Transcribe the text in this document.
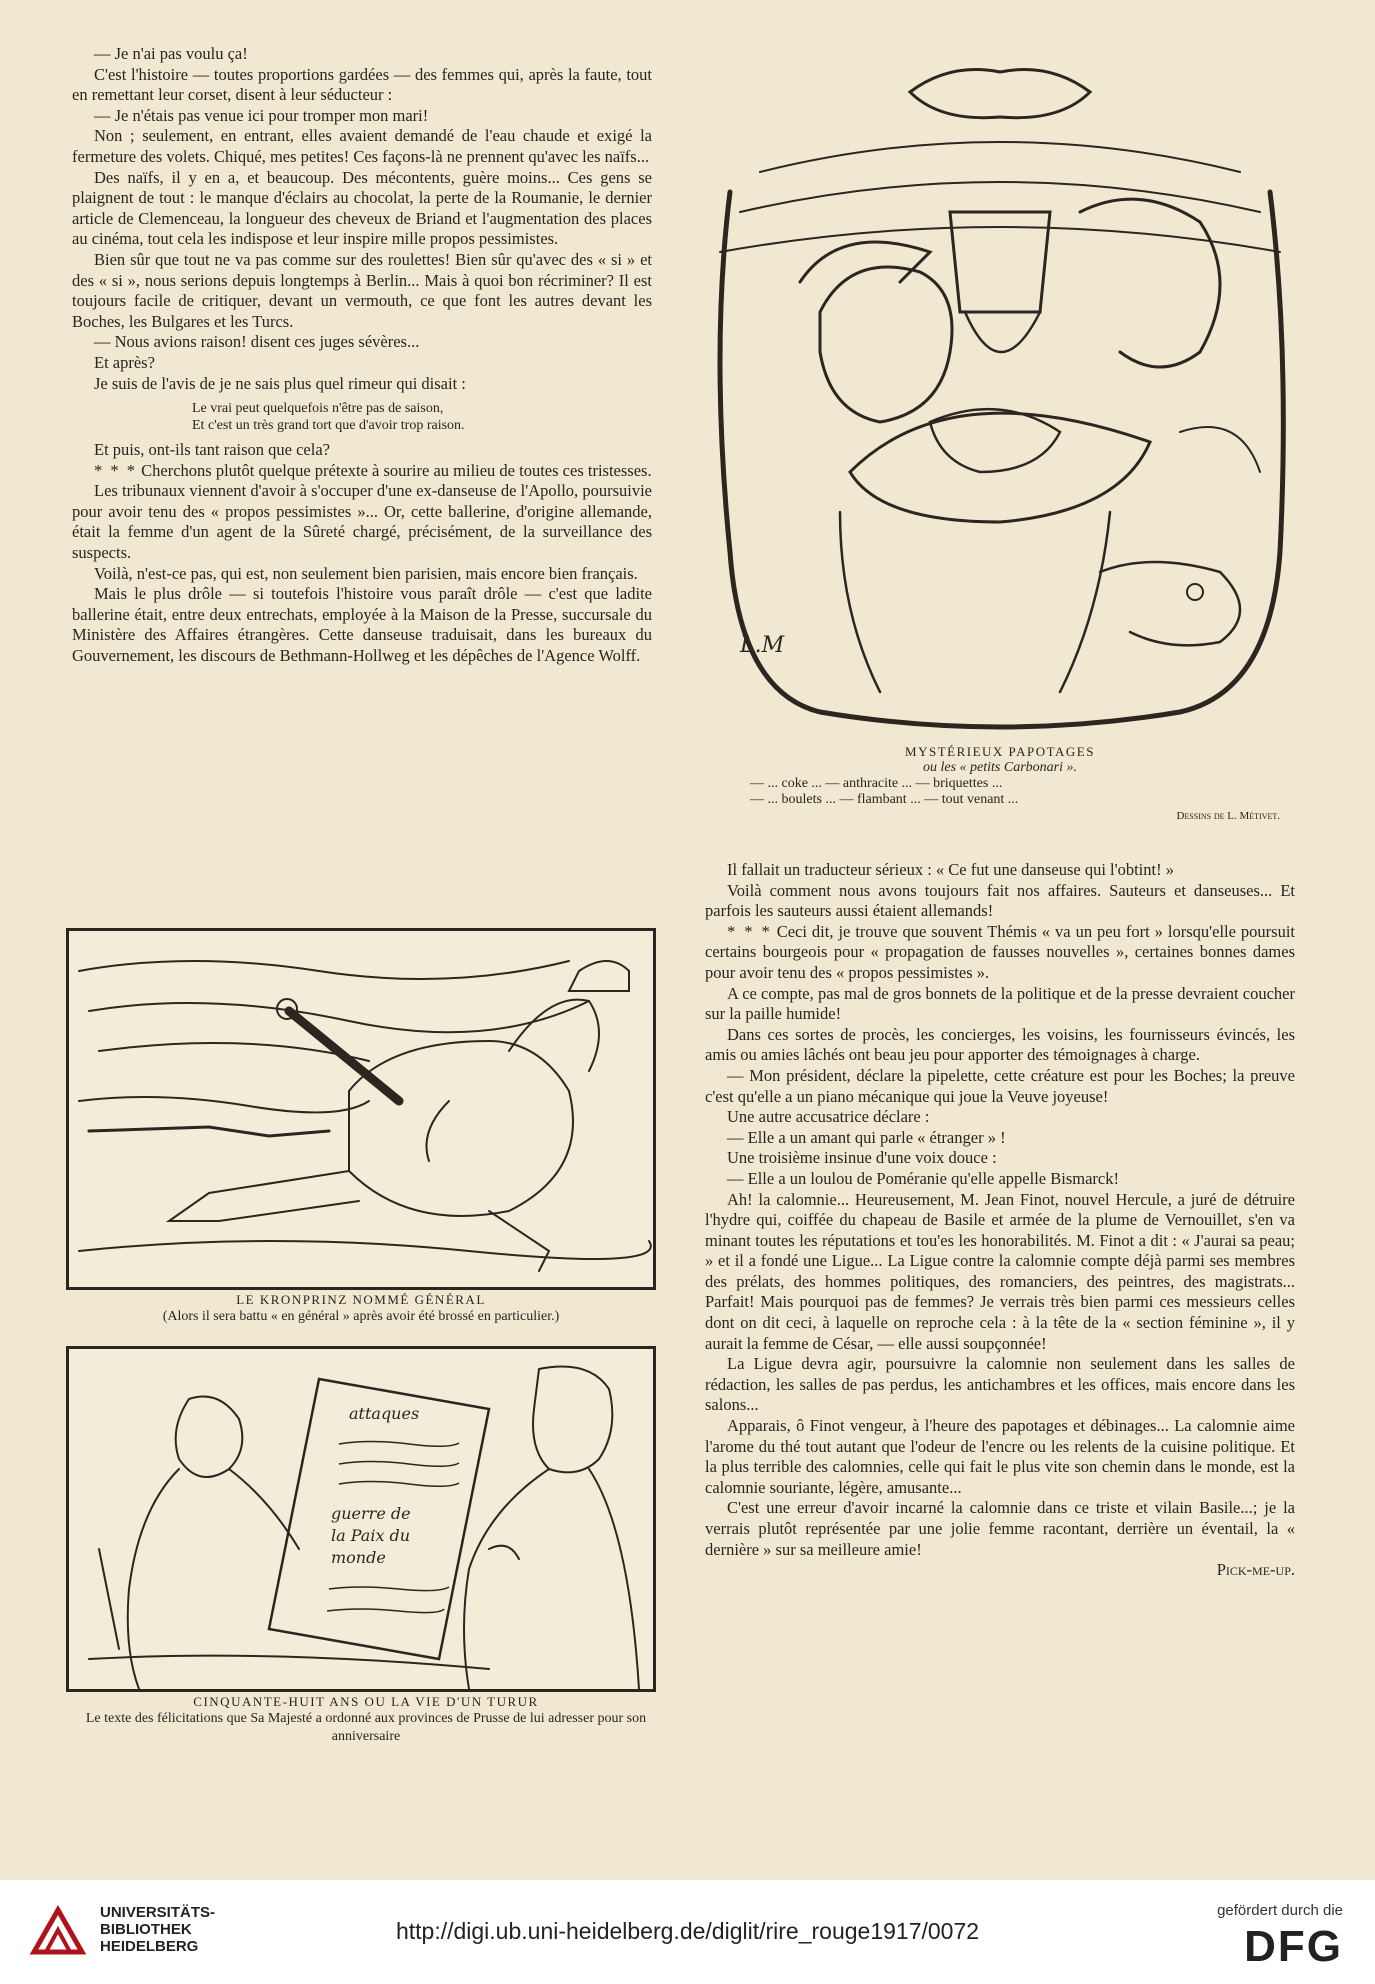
— Je n'ai pas voulu ça!

C'est l'histoire — toutes proportions gardées — des femmes qui, après la faute, tout en remettant leur corset, disent à leur séducteur :

— Je n'étais pas venue ici pour tromper mon mari!

Non ; seulement, en entrant, elles avaient demandé de l'eau chaude et exigé la fermeture des volets. Chiqué, mes petites! Ces façons-là ne prennent qu'avec les naïfs...

Des naïfs, il y en a, et beaucoup. Des mécontents, guère moins... Ces gens se plaignent de tout : le manque d'éclairs au chocolat, la perte de la Roumanie, le dernier article de Clemenceau, la longueur des cheveux de Briand et l'augmentation des places au cinéma, tout cela les indispose et leur inspire mille propos pessimistes.

Bien sûr que tout ne va pas comme sur des roulettes! Bien sûr qu'avec des « si » et des « si », nous serions depuis longtemps à Berlin... Mais à quoi bon récriminer? Il est toujours facile de critiquer, devant un vermouth, ce que font les autres devant les Boches, les Bulgares et les Turcs.

— Nous avions raison! disent ces juges sévères...

Et après?

Je suis de l'avis de je ne sais plus quel rimeur qui disait :

Le vrai peut quelquefois n'être pas de saison,
Et c'est un très grand tort que d'avoir trop raison.

Et puis, ont-ils tant raison que cela?

* * * Cherchons plutôt quelque prétexte à sourire au milieu de toutes ces tristesses.

Les tribunaux viennent d'avoir à s'occuper d'une ex-danseuse de l'Apollo, poursuivie pour avoir tenu des « propos pessimistes »... Or, cette ballerine, d'origine allemande, était la femme d'un agent de la Sûreté chargé, précisément, de la surveillance des suspects.

Voilà, n'est-ce pas, qui est, non seulement bien parisien, mais encore bien français.

Mais le plus drôle — si toutefois l'histoire vous paraît drôle — c'est que ladite ballerine était, entre deux entrechats, employée à la Maison de la Presse, succursale du Ministère des Affaires étrangères. Cette danseuse traduisait, dans les bureaux du Gouvernement, les discours de Bethmann-Hollweg et les dépêches de l'Agence Wolff.

LE KRONPRINZ NOMMÉ GÉNÉRAL
(Alors il sera battu « en général » après avoir été brossé en particulier.)
attaques
guerre de
la Paix du
monde
CINQUANTE-HUIT ANS OU LA VIE D'UN TURUR
Le texte des félicitations que Sa Majesté a ordonné aux provinces de Prusse de lui adresser pour son anniversaire
L.M
MYSTÉRIEUX PAPOTAGES
ou les « petits Carbonari ».
— ... coke ... — anthracite ... — briquettes ...
— ... boulets ... — flambant ... — tout venant ...
Dessins de L. Métivet.

Il fallait un traducteur sérieux : « Ce fut une danseuse qui l'obtint! »

Voilà comment nous avons toujours fait nos affaires. Sauteurs et danseuses... Et parfois les sauteurs aussi étaient allemands!

* * * Ceci dit, je trouve que souvent Thémis « va un peu fort » lorsqu'elle poursuit certains bourgeois pour « propagation de fausses nouvelles », certaines bonnes dames pour avoir tenu des « propos pessimistes ».

A ce compte, pas mal de gros bonnets de la politique et de la presse devraient coucher sur la paille humide!

Dans ces sortes de procès, les concierges, les voisins, les fournisseurs évincés, les amis ou amies lâchés ont beau jeu pour apporter des témoignages à charge.

— Mon président, déclare la pipelette, cette créature est pour les Boches; la preuve c'est qu'elle a un piano mécanique qui joue la Veuve joyeuse!

Une autre accusatrice déclare :

— Elle a un amant qui parle « étranger » !

Une troisième insinue d'une voix douce :

— Elle a un loulou de Poméranie qu'elle appelle Bismarck!

Ah! la calomnie... Heureusement, M. Jean Finot, nouvel Hercule, a juré de détruire l'hydre qui, coiffée du chapeau de Basile et armée de la plume de Vernouillet, s'en va minant toutes les réputations et tou'es les honorabilités. M. Finot a dit : « J'aurai sa peau; » et il a fondé une Ligue... La Ligue contre la calomnie compte déjà parmi ses membres des prélats, des hommes politiques, des romanciers, des peintres, des magistrats... Parfait! Mais pourquoi pas de femmes? Je verrais très bien parmi ces messieurs celles dont on dit ceci, à laquelle on reproche cela : à la tête de la « section féminine », il y aurait la femme de César, — elle aussi soupçonnée!

La Ligue devra agir, poursuivre la calomnie non seulement dans les salles de rédaction, les salles de pas perdus, les antichambres et les offices, mais encore dans les salons...

Apparais, ô Finot vengeur, à l'heure des papotages et débinages... La calomnie aime l'arome du thé tout autant que l'odeur de l'encre ou les relents de la cuisine politique. Et la plus terrible des calomnies, celle qui fait le plus vite son chemin dans le monde, est la calomnie souriante, légère, amusante...

C'est une erreur d'avoir incarné la calomnie dans ce triste et vilain Basile...; je la verrais plutôt représentée par une jolie femme racontant, derrière un éventail, la « dernière » sur sa meilleure amie!

Pick-me-up.
UNIVERSITÄTS-
BIBLIOTHEK
HEIDELBERG
http://digi.ub.uni-heidelberg.de/diglit/rire_rouge1917/0072
gefördert durch die
DFG
